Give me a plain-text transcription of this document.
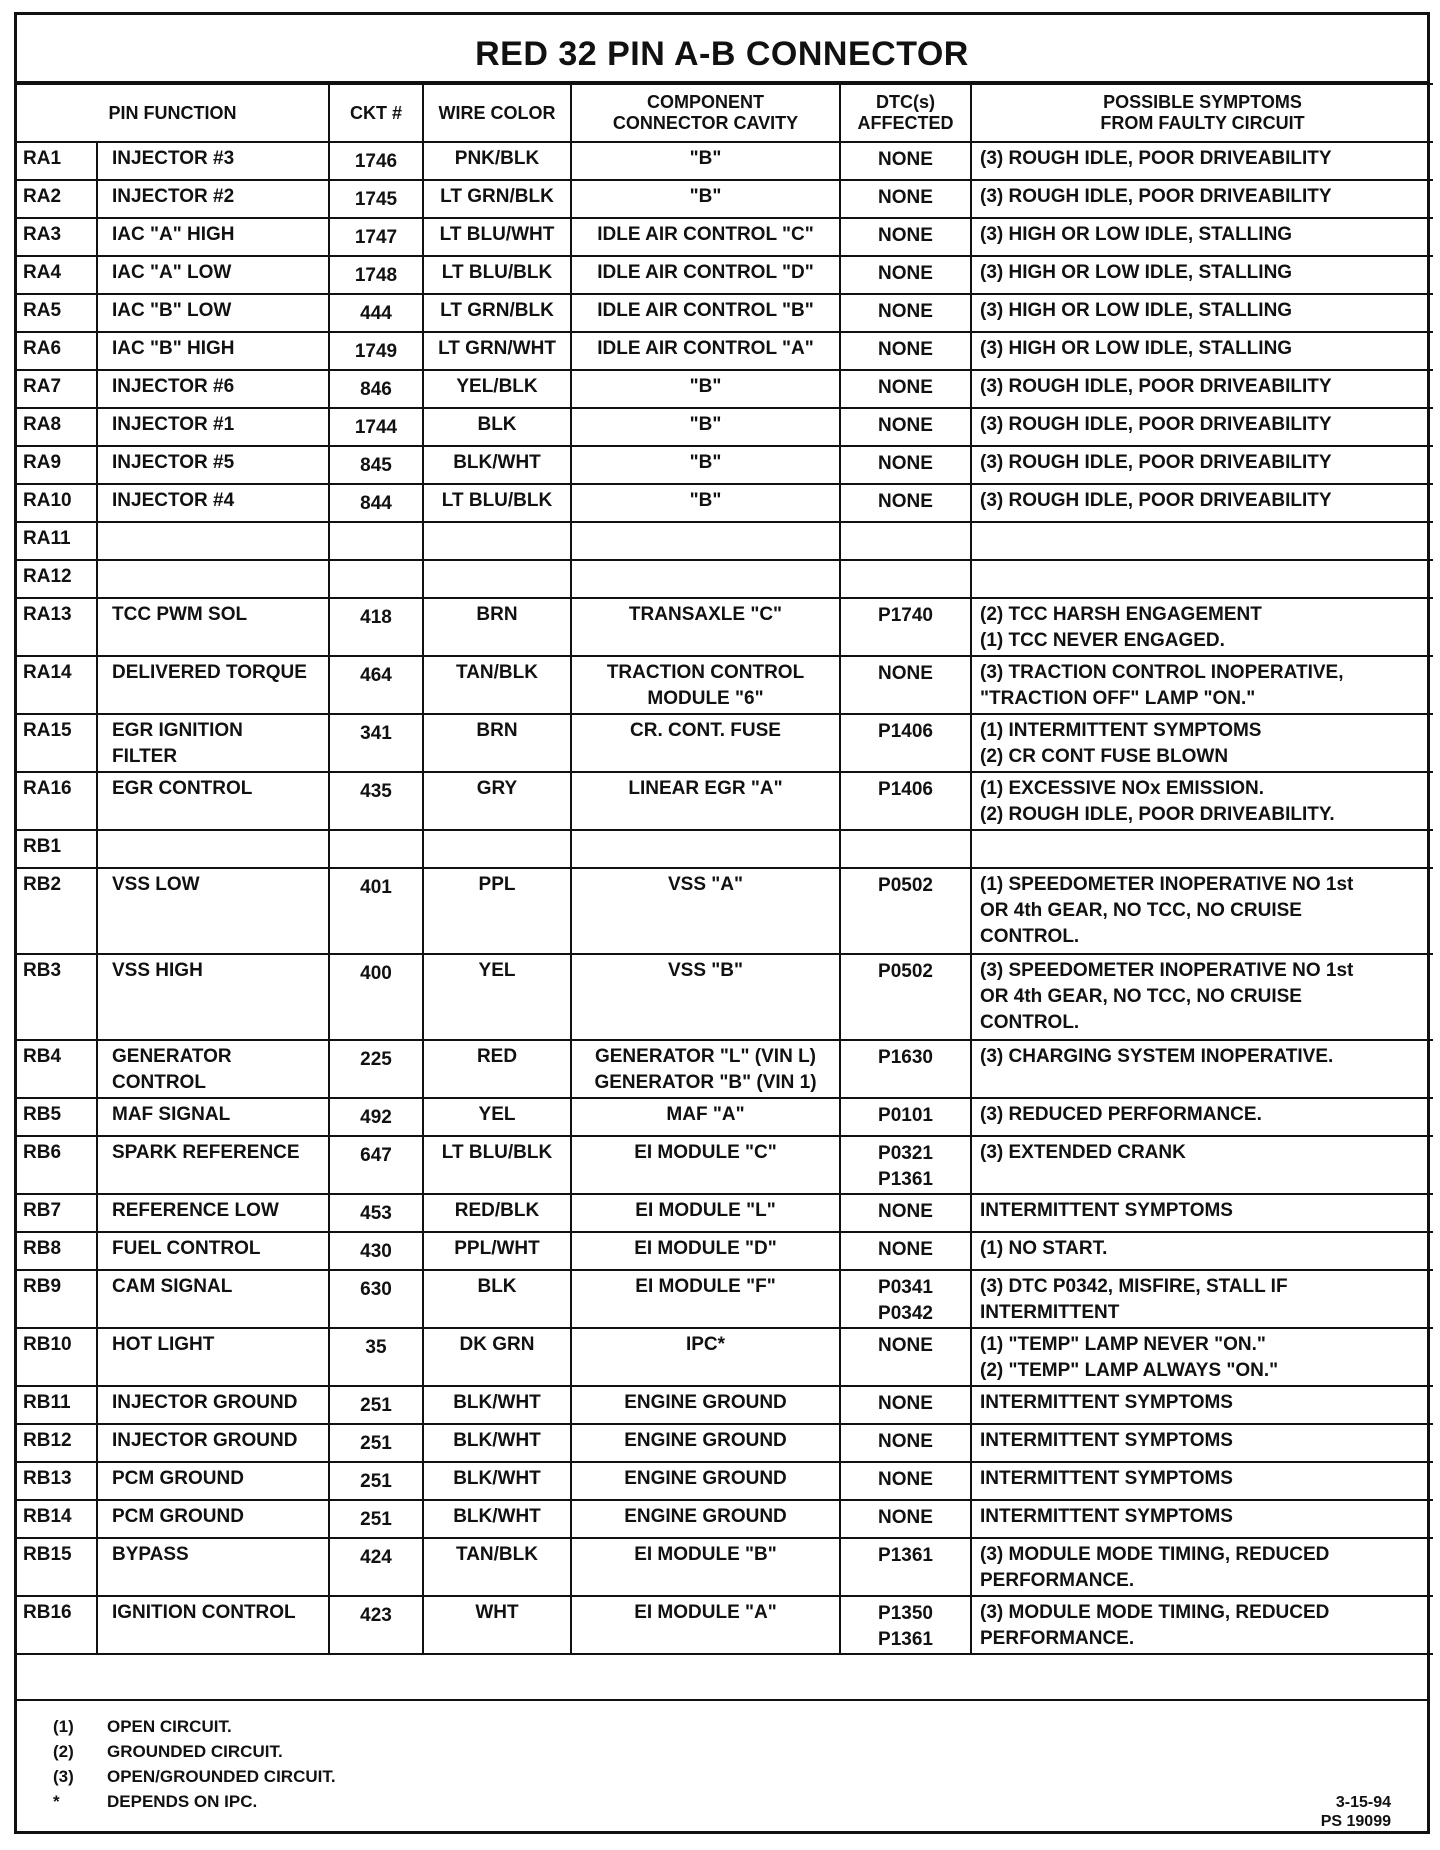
RED 32 PIN A-B CONNECTOR
PIN FUNCTION		CKT #	WIRE COLOR	COMPONENT
CONNECTOR CAVITY	DTC(s)
AFFECTED	POSSIBLE SYMPTOMS
FROM FAULTY CIRCUIT
RA1	INJECTOR #3	1746	PNK/BLK	"B"	NONE	(3) ROUGH IDLE, POOR DRIVEABILITY
RA2	INJECTOR #2	1745	LT GRN/BLK	"B"	NONE	(3) ROUGH IDLE, POOR DRIVEABILITY
RA3	IAC "A" HIGH	1747	LT BLU/WHT	IDLE AIR CONTROL "C"	NONE	(3) HIGH OR LOW IDLE, STALLING
RA4	IAC "A" LOW	1748	LT BLU/BLK	IDLE AIR CONTROL "D"	NONE	(3) HIGH OR LOW IDLE, STALLING
RA5	IAC "B" LOW	444	LT GRN/BLK	IDLE AIR CONTROL "B"	NONE	(3) HIGH OR LOW IDLE, STALLING
RA6	IAC "B" HIGH	1749	LT GRN/WHT	IDLE AIR CONTROL "A"	NONE	(3) HIGH OR LOW IDLE, STALLING
RA7	INJECTOR #6	846	YEL/BLK	"B"	NONE	(3) ROUGH IDLE, POOR DRIVEABILITY
RA8	INJECTOR #1	1744	BLK	"B"	NONE	(3) ROUGH IDLE, POOR DRIVEABILITY
RA9	INJECTOR #5	845	BLK/WHT	"B"	NONE	(3) ROUGH IDLE, POOR DRIVEABILITY
RA10	INJECTOR #4	844	LT BLU/BLK	"B"	NONE	(3) ROUGH IDLE, POOR DRIVEABILITY
RA11						
RA12						
RA13	TCC PWM SOL	418	BRN	TRANSAXLE "C"	P1740	(2) TCC HARSH ENGAGEMENT
(1) TCC NEVER ENGAGED.
RA14	DELIVERED TORQUE	464	TAN/BLK	TRACTION CONTROL
MODULE "6"	NONE	(3) TRACTION CONTROL INOPERATIVE,
"TRACTION OFF" LAMP "ON."
RA15	EGR IGNITION
FILTER	341	BRN	CR. CONT. FUSE	P1406	(1) INTERMITTENT SYMPTOMS
(2) CR CONT FUSE BLOWN
RA16	EGR CONTROL	435	GRY	LINEAR EGR "A"	P1406	(1) EXCESSIVE NOx EMISSION.
(2) ROUGH IDLE, POOR DRIVEABILITY.
RB1						
RB2	VSS LOW	401	PPL	VSS "A"	P0502	(1) SPEEDOMETER INOPERATIVE NO 1st
OR 4th GEAR, NO TCC, NO CRUISE
CONTROL.
RB3	VSS HIGH	400	YEL	VSS "B"	P0502	(3) SPEEDOMETER INOPERATIVE NO 1st
OR 4th GEAR, NO TCC, NO CRUISE
CONTROL.
RB4	GENERATOR
CONTROL	225	RED	GENERATOR "L" (VIN L)
GENERATOR "B" (VIN 1)	P1630	(3) CHARGING SYSTEM INOPERATIVE.
RB5	MAF SIGNAL	492	YEL	MAF "A"	P0101	(3) REDUCED PERFORMANCE.
RB6	SPARK REFERENCE	647	LT BLU/BLK	EI MODULE "C"	P0321
P1361	(3) EXTENDED CRANK
RB7	REFERENCE LOW	453	RED/BLK	EI MODULE "L"	NONE	INTERMITTENT SYMPTOMS
RB8	FUEL CONTROL	430	PPL/WHT	EI MODULE "D"	NONE	(1) NO START.
RB9	CAM SIGNAL	630	BLK	EI MODULE "F"	P0341
P0342	(3) DTC P0342, MISFIRE, STALL IF
INTERMITTENT
RB10	HOT LIGHT	35	DK GRN	IPC*	NONE	(1) "TEMP" LAMP NEVER "ON."
(2) "TEMP" LAMP ALWAYS "ON."
RB11	INJECTOR GROUND	251	BLK/WHT	ENGINE GROUND	NONE	INTERMITTENT SYMPTOMS
RB12	INJECTOR GROUND	251	BLK/WHT	ENGINE GROUND	NONE	INTERMITTENT SYMPTOMS
RB13	PCM GROUND	251	BLK/WHT	ENGINE GROUND	NONE	INTERMITTENT SYMPTOMS
RB14	PCM GROUND	251	BLK/WHT	ENGINE GROUND	NONE	INTERMITTENT SYMPTOMS
RB15	BYPASS	424	TAN/BLK	EI MODULE "B"	P1361	(3) MODULE MODE TIMING, REDUCED
PERFORMANCE.
RB16	IGNITION CONTROL	423	WHT	EI MODULE "A"	P1350
P1361	(3) MODULE MODE TIMING, REDUCED
PERFORMANCE.
(1)	OPEN CIRCUIT.
(2)	GROUNDED CIRCUIT.
(3)	OPEN/GROUNDED CIRCUIT.
*	DEPENDS ON IPC.	3-15-94
PS 19099
